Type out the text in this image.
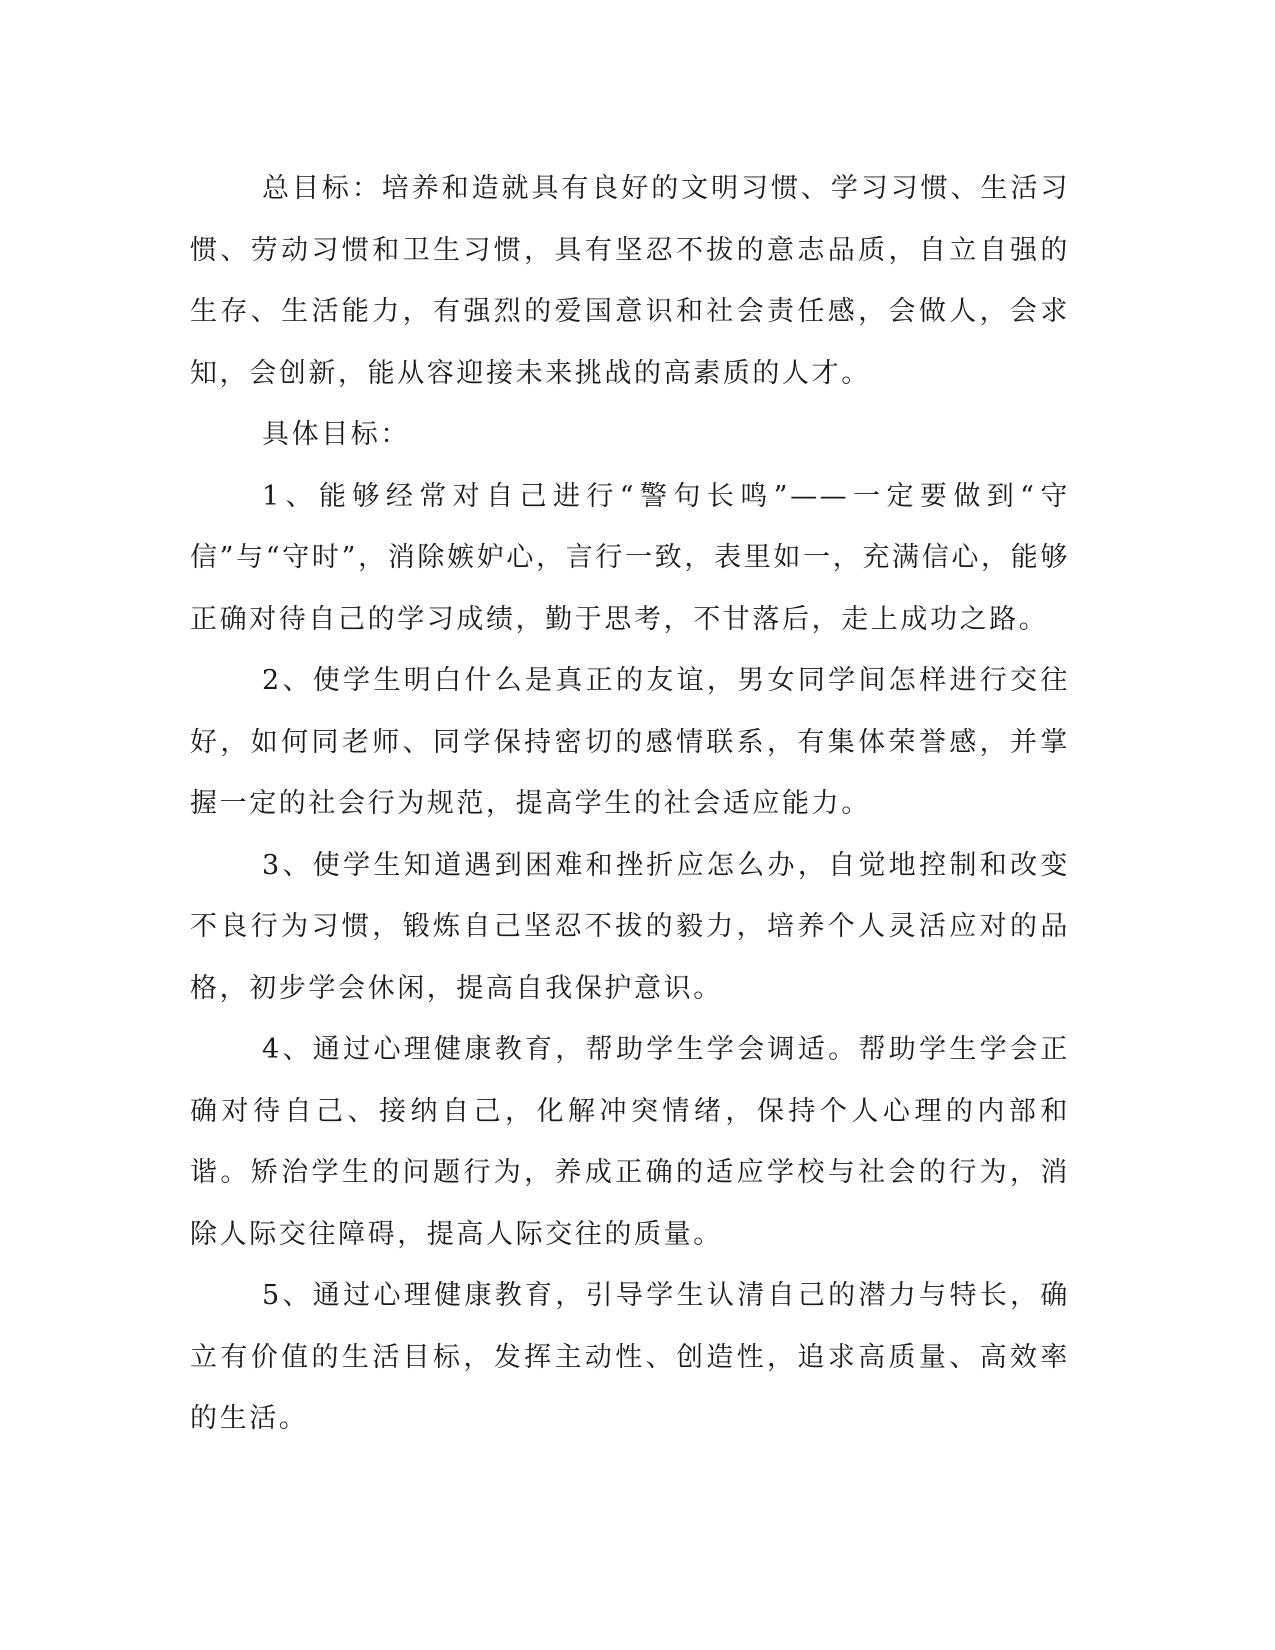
总目标：培养和造就具有良好的文明习惯、学习习惯、生活习惯、劳动习惯和卫生习惯，具有坚忍不拔的意志品质，自立自强的生存、生活能力，有强烈的爱国意识和社会责任感，会做人，会求知，会创新，能从容迎接未来挑战的高素质的人才。

具体目标：

1、能够经常对自己进行“警句长鸣”——一定要做到“守信”与“守时”，消除嫉妒心，言行一致，表里如一，充满信心，能够正确对待自己的学习成绩，勤于思考，不甘落后，走上成功之路。

2、使学生明白什么是真正的友谊，男女同学间怎样进行交往好，如何同老师、同学保持密切的感情联系，有集体荣誉感，并掌握一定的社会行为规范，提高学生的社会适应能力。

3、使学生知道遇到困难和挫折应怎么办，自觉地控制和改变不良行为习惯，锻炼自己坚忍不拔的毅力，培养个人灵活应对的品格，初步学会休闲，提高自我保护意识。

4、通过心理健康教育，帮助学生学会调适。帮助学生学会正确对待自己、接纳自己，化解冲突情绪，保持个人心理的内部和谐。矫治学生的问题行为，养成正确的适应学校与社会的行为，消除人际交往障碍，提高人际交往的质量。

5、通过心理健康教育，引导学生认清自己的潜力与特长，确立有价值的生活目标，发挥主动性、创造性，追求高质量、高效率的生活。
